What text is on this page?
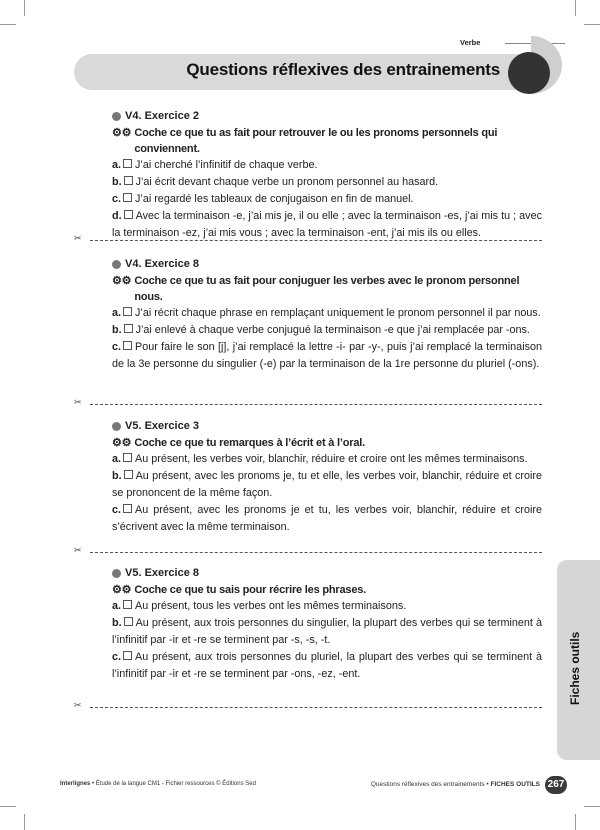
Verbe
Questions réflexives des entrainements
Fiches outils
V4. Exercice 2
⚙⚙ Coche ce que tu as fait pour retrouver le ou les pronoms personnels qui conviennent.
a. J’ai cherché l’infinitif de chaque verbe.
b. J’ai écrit devant chaque verbe un pronom personnel au hasard.
c. J’ai regardé les tableaux de conjugaison en fin de manuel.
d. Avec la terminaison -e, j’ai mis je, il ou elle ; avec la terminaison -es, j’ai mis tu ; avec la terminaison -ez, j’ai mis vous ; avec la terminaison -ent, j’ai mis ils ou elles.
✂
V4. Exercice 8
⚙⚙ Coche ce que tu as fait pour conjuguer les verbes avec le pronom personnel nous.
a. J’ai récrit chaque phrase en remplaçant uniquement le pronom personnel il par nous.
b. J’ai enlevé à chaque verbe conjugué la terminaison -e que j’ai remplacée par -ons.
c. Pour faire le son [j], j’ai remplacé la lettre -i- par -y-, puis j’ai remplacé la terminaison de la 3e personne du singulier (-e) par la terminaison de la 1re personne du pluriel (-ons).
✂
V5. Exercice 3
⚙⚙ Coche ce que tu remarques à l’écrit et à l’oral.
a. Au présent, les verbes voir, blanchir, réduire et croire ont les mêmes terminaisons.
b. Au présent, avec les pronoms je, tu et elle, les verbes voir, blanchir, réduire et croire se prononcent de la même façon.
c. Au présent, avec les pronoms je et tu, les verbes voir, blanchir, réduire et croire s’écrivent avec la même terminaison.
✂
V5. Exercice 8
⚙⚙ Coche ce que tu sais pour récrire les phrases.
a. Au présent, tous les verbes ont les mêmes terminaisons.
b. Au présent, aux trois personnes du singulier, la plupart des verbes qui se terminent à l’infinitif par -ir et -re se terminent par -s, -s, -t.
c. Au présent, aux trois personnes du pluriel, la plupart des verbes qui se terminent à l’infinitif par -ir et -re se terminent par -ons, -ez, -ent.
✂
Interlignes • Étude de la langue CM1 - Fichier ressources © Éditions Sed	Questions réflexives des entrainements • FICHES OUTILS 267
